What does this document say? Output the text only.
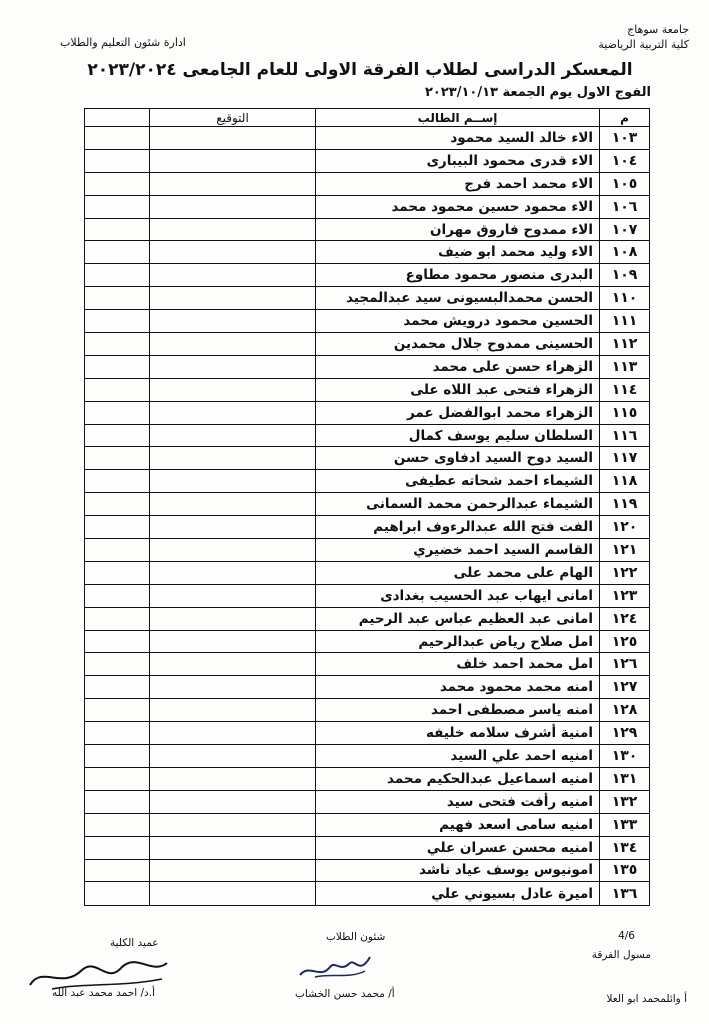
جامعة سوهاج
كلية التربية الرياضية
ادارة شئون التعليم والطلاب
المعسكر الدراسى لطلاب الفرقة الاولى للعام الجامعى ٢٠٢٣/٢٠٢٤
الفوج الاول يوم الجمعة ٢٠٢٣/١٠/١٣
م
إســم الطالب
التوقيع
١٠٣
الاء خالد السيد محمود
١٠٤
الاء قدرى محمود البيبارى
١٠٥
الاء محمد احمد فرج
١٠٦
الاء محمود حسين محمود محمد
١٠٧
الاء ممدوح فاروق مهران
١٠٨
الاء وليد محمد ابو ضيف
١٠٩
البدرى منصور محمود مطاوع
١١٠
الحسن محمدالبسيونى سيد عبدالمجيد
١١١
الحسين محمود درويش محمد
١١٢
الحسينى ممدوح جلال محمدين
١١٣
الزهراء حسن على محمد
١١٤
الزهراء فتحى عبد اللاه على
١١٥
الزهراء محمد ابوالفضل عمر
١١٦
السلطان سليم يوسف كمال
١١٧
السيد دوح السيد ادفاوى حسن
١١٨
الشيماء احمد شحاته عطيفى
١١٩
الشيماء عبدالرحمن محمد السمانى
١٢٠
الفت فتح الله عبدالرءوف ابراهيم
١٢١
القاسم السيد احمد خضيري
١٢٢
الهام على محمد على
١٢٣
امانى ايهاب عبد الحسيب بغدادى
١٢٤
امانى عبد العظيم عباس عبد الرحيم
١٢٥
امل صلاح رياض عبدالرحيم
١٢٦
امل محمد احمد خلف
١٢٧
امنه محمد محمود محمد
١٢٨
امنه ياسر مصطفى احمد
١٢٩
امنية أشرف سلامه خليفه
١٣٠
امنيه احمد علي السيد
١٣١
امنيه اسماعيل عبدالحكيم محمد
١٣٢
امنيه رأفت فتحى سيد
١٣٣
امنيه سامى اسعد فهيم
١٣٤
امنيه محسن عسران علي
١٣٥
امونيوس يوسف عياد ناشد
١٣٦
اميرة عادل بسيوني علي
4/6
مسول الفرقة
أ وائلمحمد ابو العلا
شئون الطلاب
أ/ محمد حسن الخشاب
عميد الكلية
أ.د/ احمد محمد عبد الله
